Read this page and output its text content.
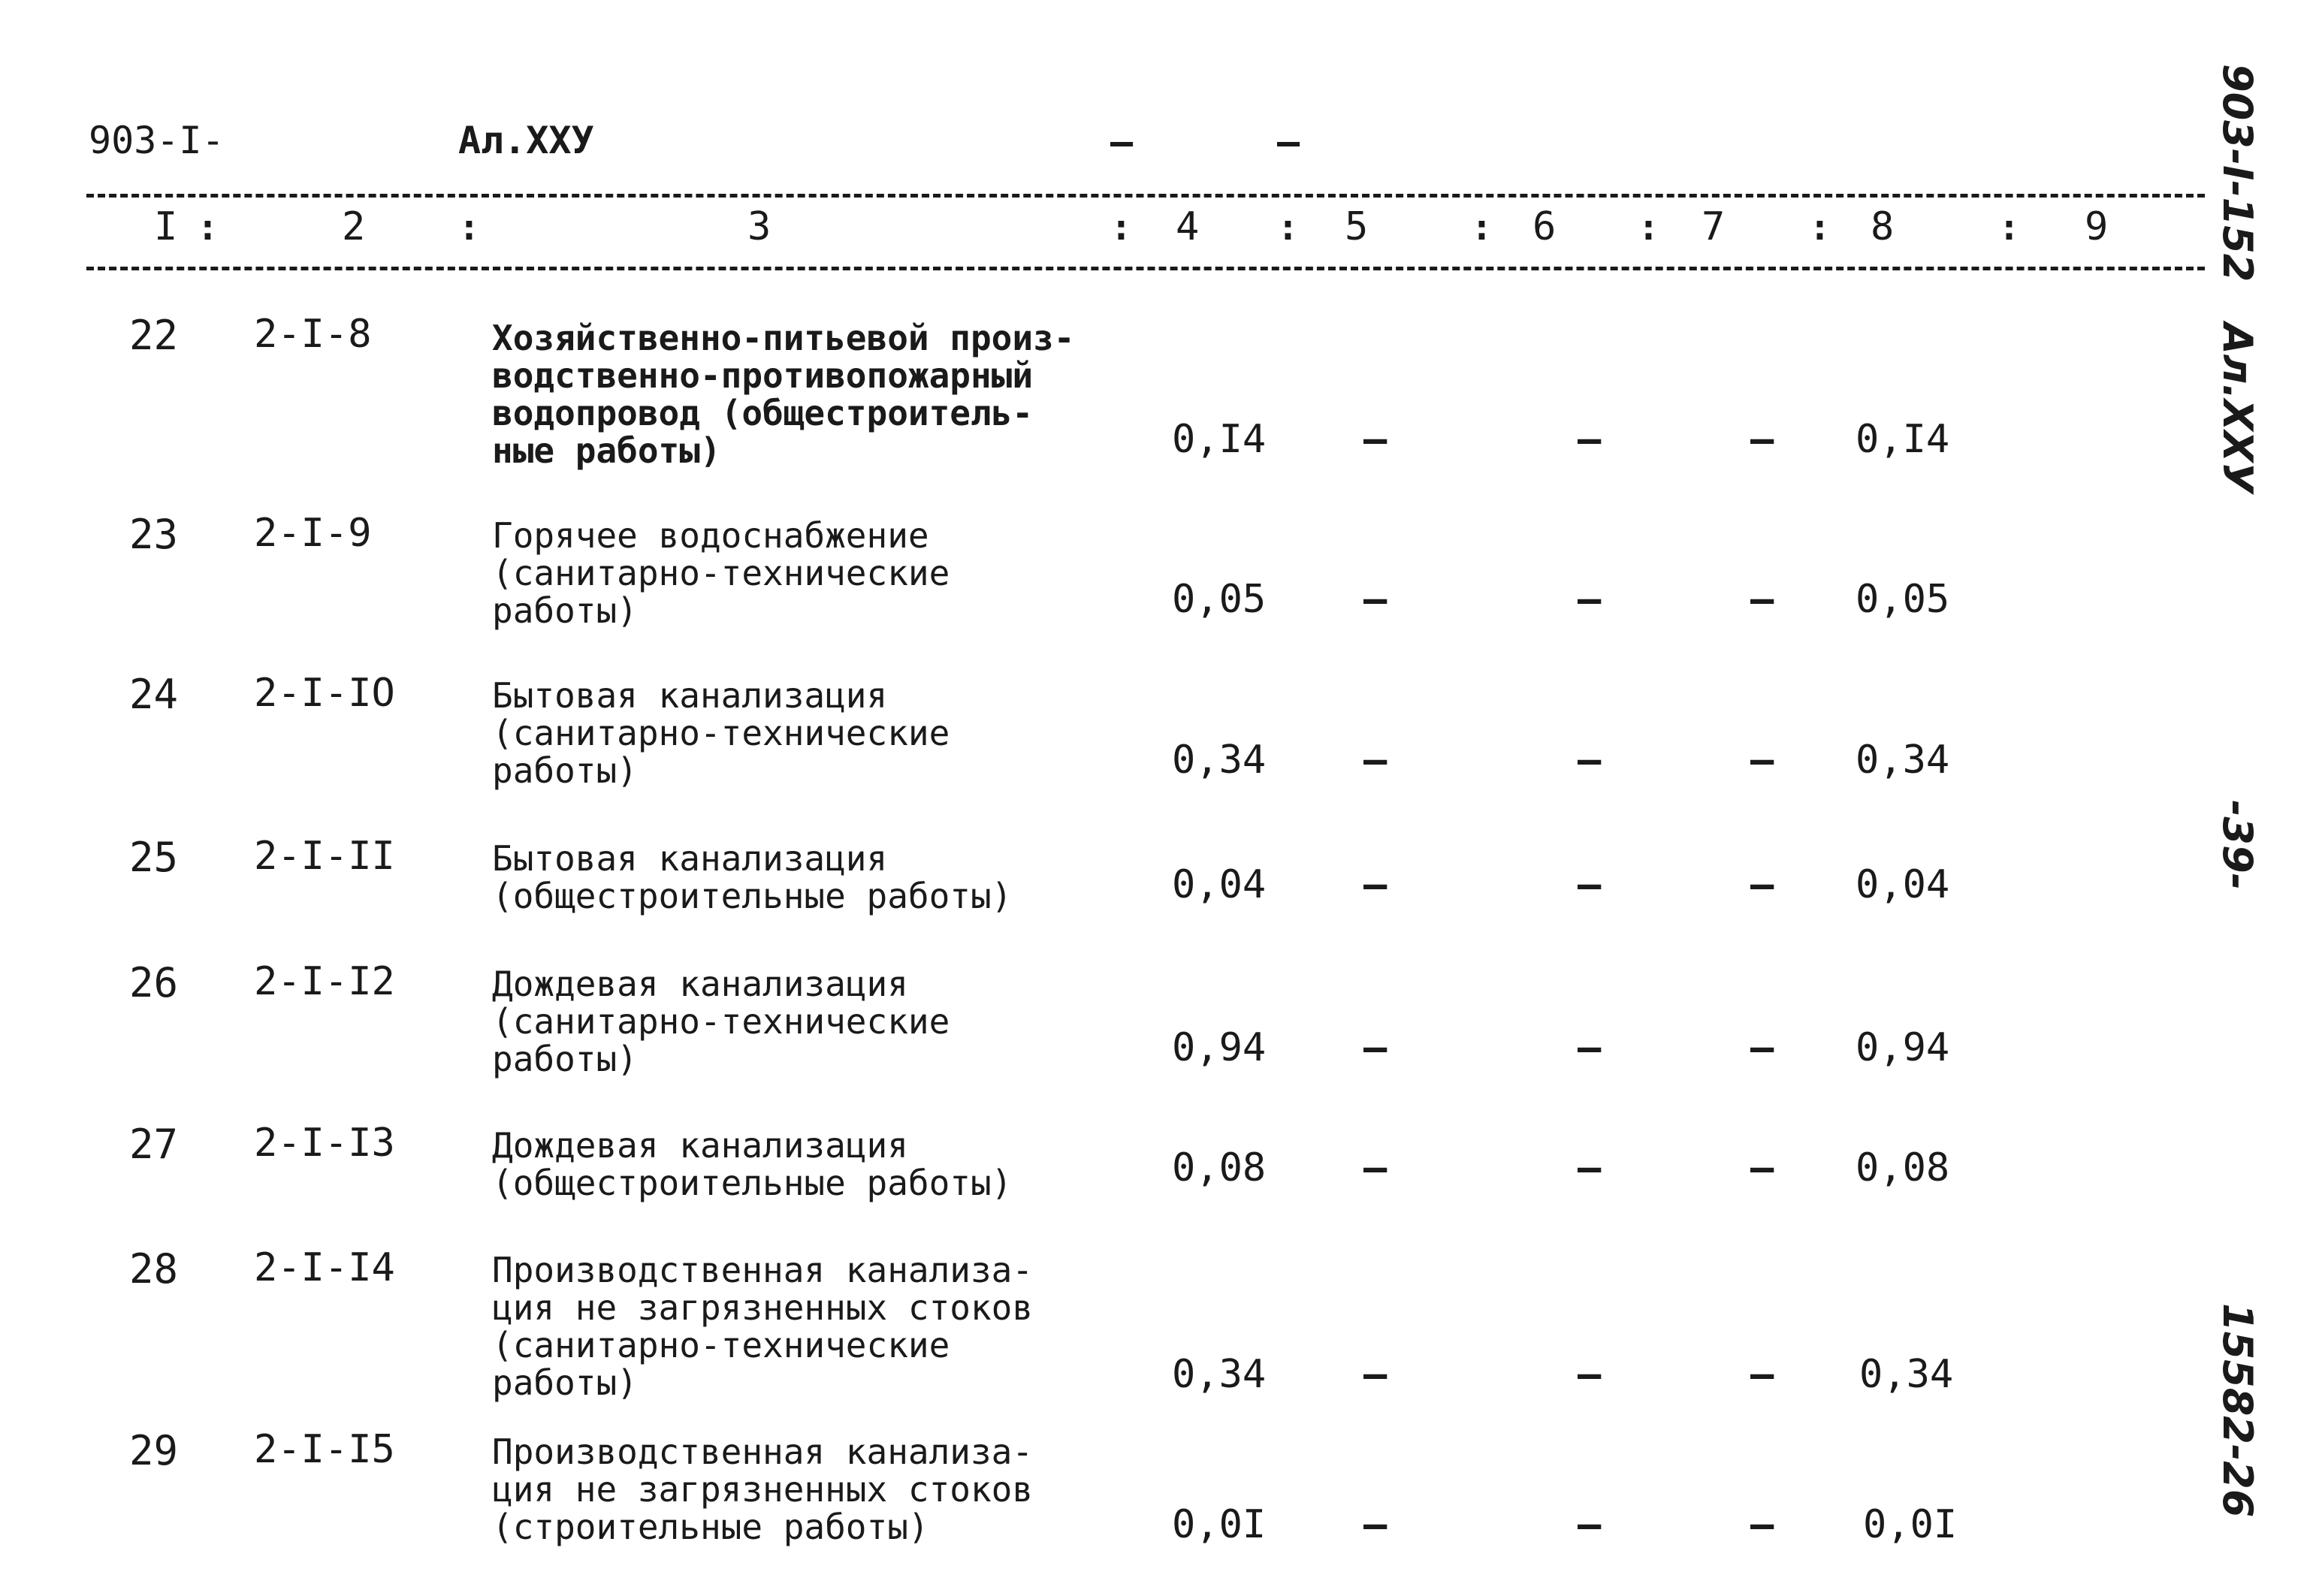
903-I-	Ал.XXУ	–	–
I :	2	:	3	: 4 : 5	: 6 : 7 : 8	: 9
22 2-I-8	Хозяйственно-питьевой произ-
водственно-противопожарный
водопровод (общестроитель-
ные работы)	0,I4 –	–	– 0,I4
23 2-I-9	Горячее водоснабжение
(санитарно-технические
работы)	0,05 –	–	– 0,05
24 2-I-IO	Бытовая канализация
(санитарно-технические
работы)	0,34 –	–	– 0,34
25 2-I-II	Бытовая канализация
(общестроительные работы)	0,04 –	–	– 0,04
26 2-I-I2	Дождевая канализация
(санитарно-технические
работы)	0,94 –	–	– 0,94
27 2-I-I3	Дождевая канализация
(общестроительные работы)	0,08 –	–	– 0,08
28 2-I-I4	Производственная канализа-
ция не загрязненных стоков
(санитарно-технические
работы)	0,34 –	–	– 0,34
29 2-I-I5	Производственная канализа-
ция не загрязненных стоков
(строительные работы)	0,0I –	–	– 0,0I
903-I-152
Ал.XXУ
-39-
15582-26
